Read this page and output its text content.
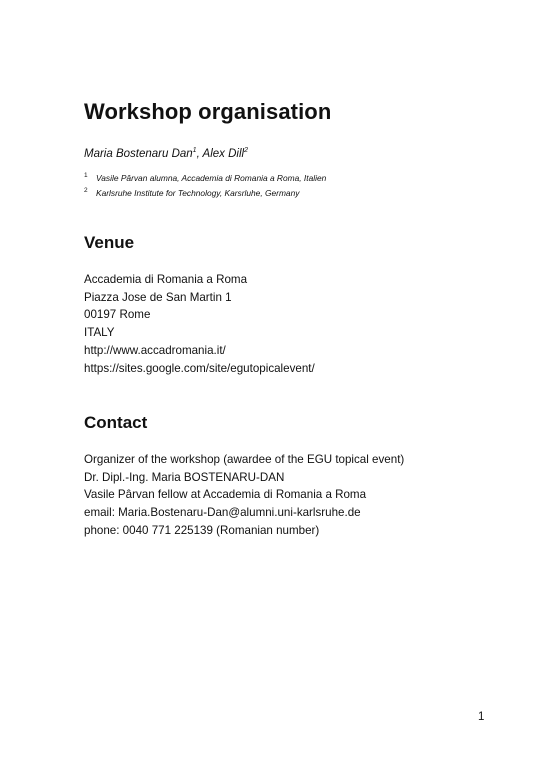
Workshop organisation
Maria Bostenaru Dan$^1$, Alex Dill$^2$
1 Vasile Pârvan alumna, Accademia di Romania a Roma, Italien
2 Karlsruhe Institute for Technology, Karsrluhe, Germany
Venue
Accademia di Romania a Roma
Piazza Jose de San Martin 1
00197 Rome
ITALY
http://www.accadromania.it/
https://sites.google.com/site/egutopicalevent/
Contact
Organizer of the workshop (awardee of the EGU topical event)
Dr. Dipl.-Ing. Maria BOSTENARU-DAN
Vasile Pârvan fellow at Accademia di Romania a Roma
email: Maria.Bostenaru-Dan@alumni.uni-karlsruhe.de
phone: 0040 771 225139 (Romanian number)
1
